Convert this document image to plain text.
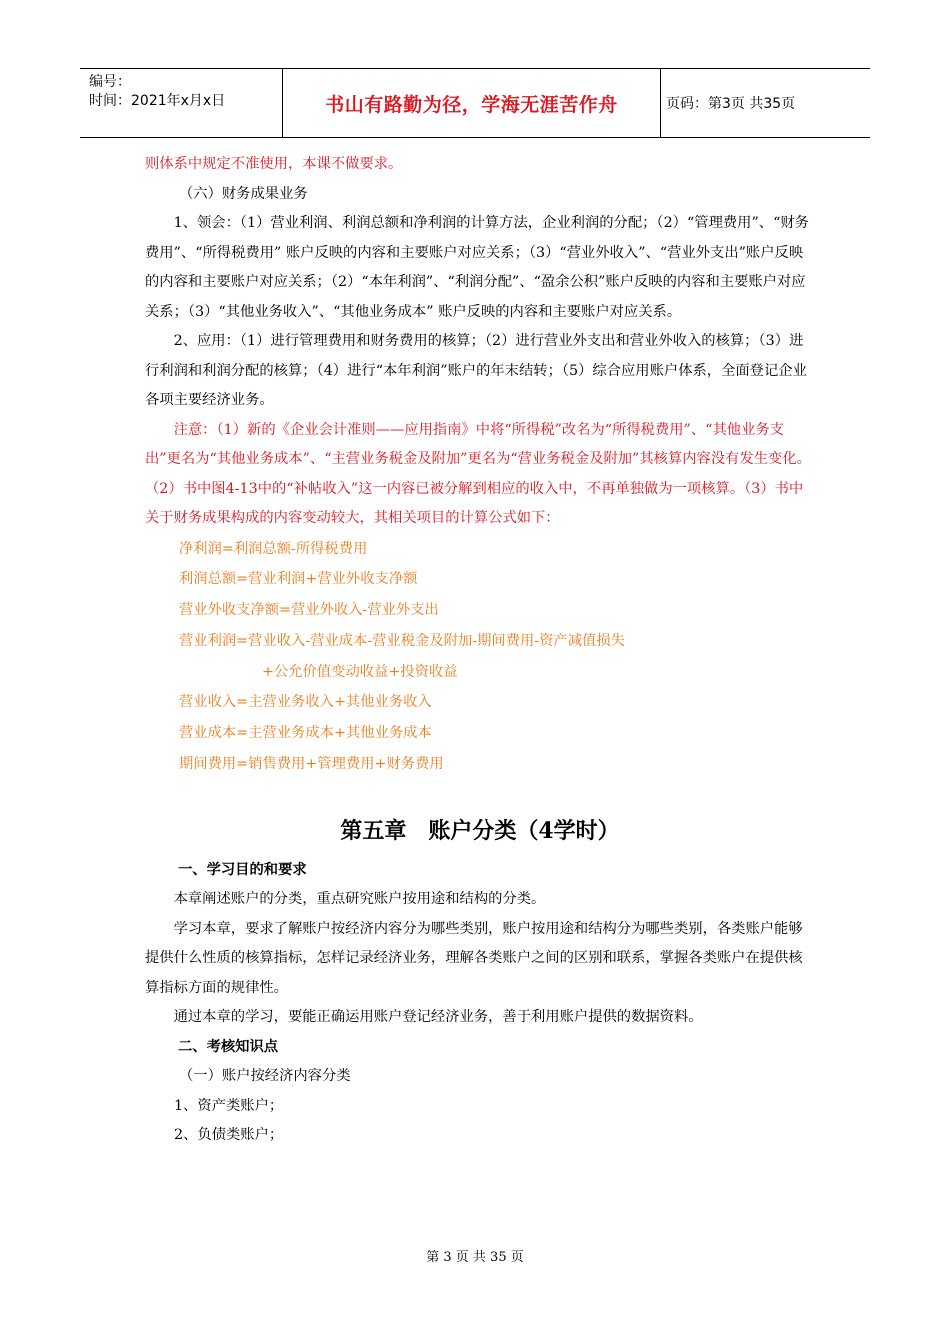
编号：
时间：2021年x月x日	书山有路勤为径，学海无涯苦作舟	页码：第3页 共35页

则体系中规定不准使用，本课不做要求。

（六）财务成果业务

1、领会：（1）营业利润、利润总额和净利润的计算方法，企业利润的分配；（2）“管理费用”、“财务费用”、“所得税费用” 账户反映的内容和主要账户对应关系；（3）“营业外收入”、“营业外支出”账户反映的内容和主要账户对应关系；（2）“本年利润”、“利润分配”、“盈余公积”账户反映的内容和主要账户对应关系；（3）“其他业务收入”、“其他业务成本” 账户反映的内容和主要账户对应关系。

2、应用：（1）进行管理费用和财务费用的核算；（2）进行营业外支出和营业外收入的核算；（3）进行利润和利润分配的核算；（4）进行“本年利润”账户的年末结转；（5）综合应用账户体系，全面登记企业各项主要经济业务。

注意：（1）新的《企业会计准则——应用指南》中将“所得税”改名为“所得税费用”、“其他业务支出”更名为“其他业务成本”、“主营业务税金及附加”更名为“营业务税金及附加”其核算内容没有发生变化。（2）书中图4-13中的“补帖收入”这一内容已被分解到相应的收入中，不再单独做为一项核算。（3）书中关于财务成果构成的内容变动较大，其相关项目的计算公式如下：

净利润=利润总额-所得税费用

利润总额=营业利润+营业外收支净额

营业外收支净额=营业外收入-营业外支出

营业利润=营业收入-营业成本-营业税金及附加-期间费用-资产减值损失

+公允价值变动收益+投资收益

营业收入=主营业务收入+其他业务收入

营业成本=主营业务成本+其他业务成本

期间费用=销售费用+管理费用+财务费用

第五章　账户分类（4学时）

一、学习目的和要求

本章阐述账户的分类，重点研究账户按用途和结构的分类。

学习本章，要求了解账户按经济内容分为哪些类别，账户按用途和结构分为哪些类别，各类账户能够提供什么性质的核算指标，怎样记录经济业务，理解各类账户之间的区别和联系，掌握各类账户在提供核算指标方面的规律性。

通过本章的学习，要能正确运用账户登记经济业务，善于利用账户提供的数据资料。

二、考核知识点

（一）账户按经济内容分类

1、资产类账户；

2、负债类账户；

第 3 页 共 35 页
